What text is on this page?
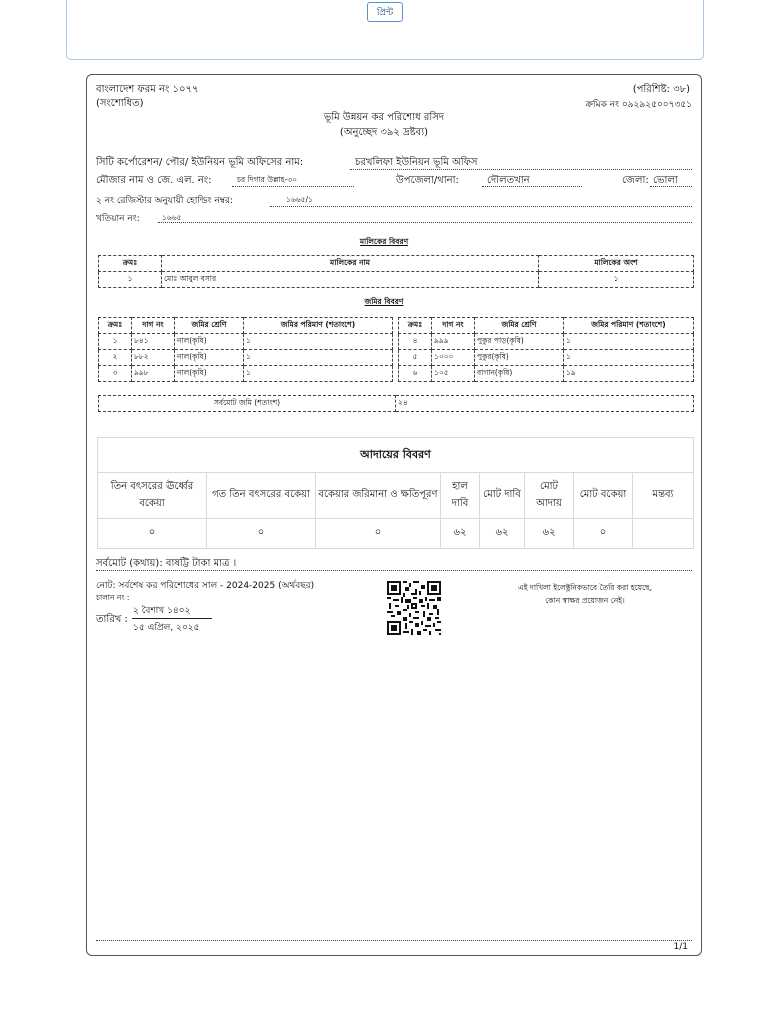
প্রিন্ট
বাংলাদেশ ফরম নং ১০৭৭
(সংশোধিত)
(পরিশিষ্ট: ৩৮)
ক্রমিক নং ০৯২৯২৫০০৭৩৫১
ভূমি উন্নয়ন কর পরিশোধ রসিদ
(অনুচ্ছেদ ৩৯২ দ্রষ্টব্য)
সিটি কর্পোরেশন/ পৌর/ ইউনিয়ন ভূমি অফিসের নাম:	চরখলিফা ইউনিয়ন ভূমি অফিস
মৌজার নাম ও জে. এল. নং:	চর দিগার উল্লাহ-৩০	উপজেলা/থানা:	দৌলতখান	জেলা: ভোলা
২ নং রেজিস্টার অনুযায়ী হোল্ডিং নম্বর:	১৬৬৫/১
খতিয়ান নং:	১৬৬৫
মালিকের বিবরণ
ক্রমঃ	মালিকের নাম	মালিকের অংশ
১	মোঃ আবুল বসার	১
জমির বিবরণ
ক্রমঃ	দাগ নং	জমির শ্রেণি	জমির পরিমাণ (শতাংশে)
১	৮৪১	নাল(কৃষি)	১
২	৮৮২	নাল(কৃষি)	১
৩	৯৯৮	নাল(কৃষি)	১
ক্রমঃ	দাগ নং	জমির শ্রেণি	জমির পরিমাণ (শতাংশে)
৪	৯৯৯	পুকুর পাড়(কৃষি)	১
৫	১০০০	পুকুর(কৃষি)	১
৬	১০৫	বাগান(কৃষি)	১৯
সর্বমোট জমি (শতাংশ)	২৪
আদায়ের বিবরণ							
তিন বৎসরের ঊর্ধ্বের বকেয়া	গত তিন বৎসরের বকেয়া	বকেয়ার জরিমানা ও ক্ষতিপূরণ	হাল দাবি	মোট দাবি	মোট আদায়	মোট বকেয়া	মন্তব্য
০	০	০	৬২	৬২	৬২	০	
সর্বমোট (কথায়): বাষট্টি টাকা মাত্র ।
নোট: সর্বশেষ কর পরিশোধের সাল - 2024-2025 (অর্থবছর)
চালান নং :
তারিখ :
২ বৈশাখ ১৪০২
১৫ এপ্রিল, ২০২৫
এই দাখিলা ইলেক্ট্রনিকভাবে তৈরি করা হয়েছে,
কোন স্বাক্ষর প্রয়োজন নেই।
1/1
